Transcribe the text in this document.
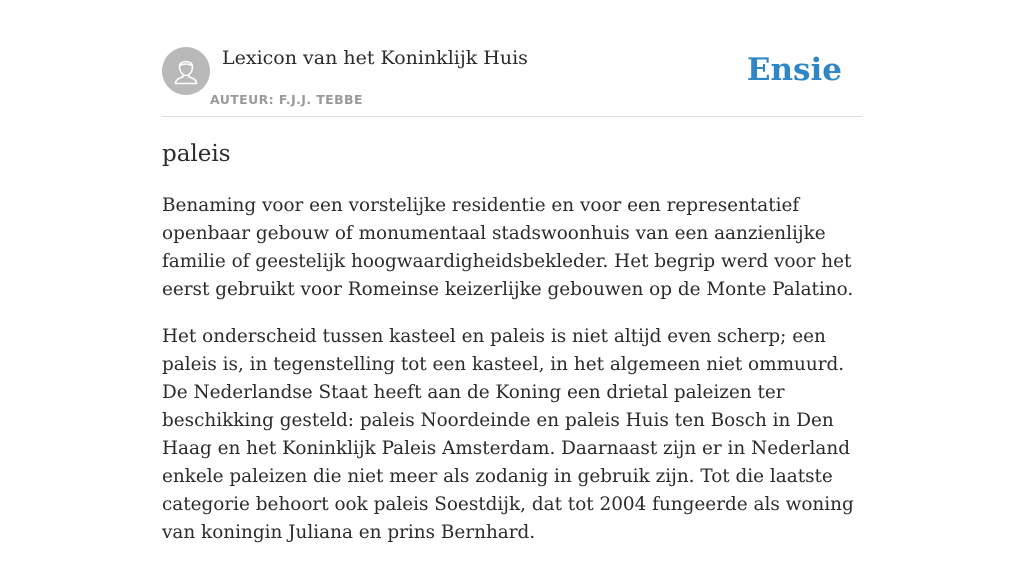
Lexicon van het Koninklijk Huis
AUTEUR: F.J.J. TEBBE
Ensie
paleis

Benaming voor een vorstelijke residentie en voor een representatief openbaar gebouw of monumentaal stadswoonhuis van een aanzienlijke familie of geestelijk hoogwaardigheidsbekleder. Het begrip werd voor het eerst gebruikt voor Romeinse keizerlijke gebouwen op de Monte Palatino.

Het onderscheid tussen kasteel en paleis is niet altijd even scherp; een paleis is, in tegenstelling tot een kasteel, in het algemeen niet ommuurd. De Nederlandse Staat heeft aan de Koning een drietal paleizen ter beschikking gesteld: paleis Noordeinde en paleis Huis ten Bosch in Den Haag en het Koninklijk Paleis Amsterdam. Daarnaast zijn er in Nederland enkele paleizen die niet meer als zodanig in gebruik zijn. Tot die laatste categorie behoort ook paleis Soestdijk, dat tot 2004 fungeerde als woning van koningin Juliana en prins Bernhard.
